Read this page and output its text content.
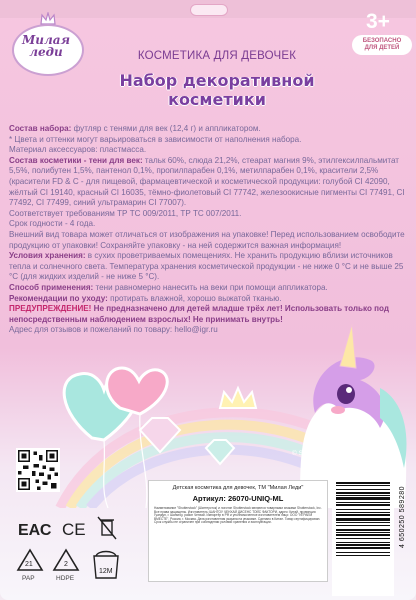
Милая
леди	КОСМЕТИКА ДЛЯ ДЕВОЧЕК
Набор декоративной
косметики
3+
БЕЗОПАСНО
ДЛЯ ДЕТЕЙ

Состав набора: футляр с тенями для век (12,4 г) и аппликатором.

* Цвета и оттенки могут варьироваться в зависимости от наполнения набора.

Материал аксессуаров: пластмасса.

Состав косметики - тени для век: тальк 60%, слюда 21,2%, стеарат магния 9%, этилгексилпальмитат 5,5%, полибутен 1,5%, пантенол 0,1%, пропилпарабен 0,1%, метилпарабен 0,1%, красители 2,5% (красители FD & C - для пищевой, фармацевтической и косметической продукции: голубой CI 42090, жёлтый CI 19140, красный CI 16035, тёмно-фиолетовый CI 77742, железоокисные пигменты CI 77491, CI 77492, CI 77499, синий ультрамарин CI 77007).

Соответствует требованиям ТР ТС 009/2011, ТР ТС 007/2011.

Срок годности - 4 года.

Внешний вид товара может отличаться от изображения на упаковке! Перед использованием освободите продукцию от упаковки! Сохраняйте упаковку - на ней содержится важная информация!

Условия хранения: в сухих проветриваемых помещениях. Не хранить продукцию вблизи источников тепла и солнечного света. Температура хранения косметической продукции - не ниже 0 °С и не выше 25 °С (для жидких изделий - не ниже 5 °С).

Способ применения: тени равномерно нанесить на веки при помощи аппликатора.

Рекомендации по уходу: протирать влажной, хорошо выжатой тканью.

ПРЕДУПРЕЖДЕНИЕ! Не предназначено для детей младше трёх лет! Использовать только под непосредственным наблюдением взрослых! Не принимать внутрь!

Адрес для отзывов и пожеланий по товару: hello@igr.ru

© Shutterstock, Inc., 2023
ЕАС CE
21
PAP
2
HDPE
12M
Детская косметика для девочек, ТМ "Милая Леди"
Артикул: 26070-UNIQ-ML
Наименование "Shutterstock" (Шаттерсток) и логотип Shutterstock являются товарными знаками Shutterstock, Inc. Все права защищены. Изготовитель: ШАНТОУ ЧЕНХАЙ ДИСЕНС ТОЙС ФАКТОРИ, адрес: Китай, провинция Гуандун, г. Шаньтоу, район Ченхай. Импортёр в РФ и уполномоченное изготовителем лицо: ООО "ИГРАЕМ ВМЕСТЕ", Россия, г. Москва. Дата изготовления указана на упаковке. Сделано в Китае. Товар сертифицирован. Срок службы не ограничен при соблюдении условий хранения и эксплуатации.	4 650250 589280
